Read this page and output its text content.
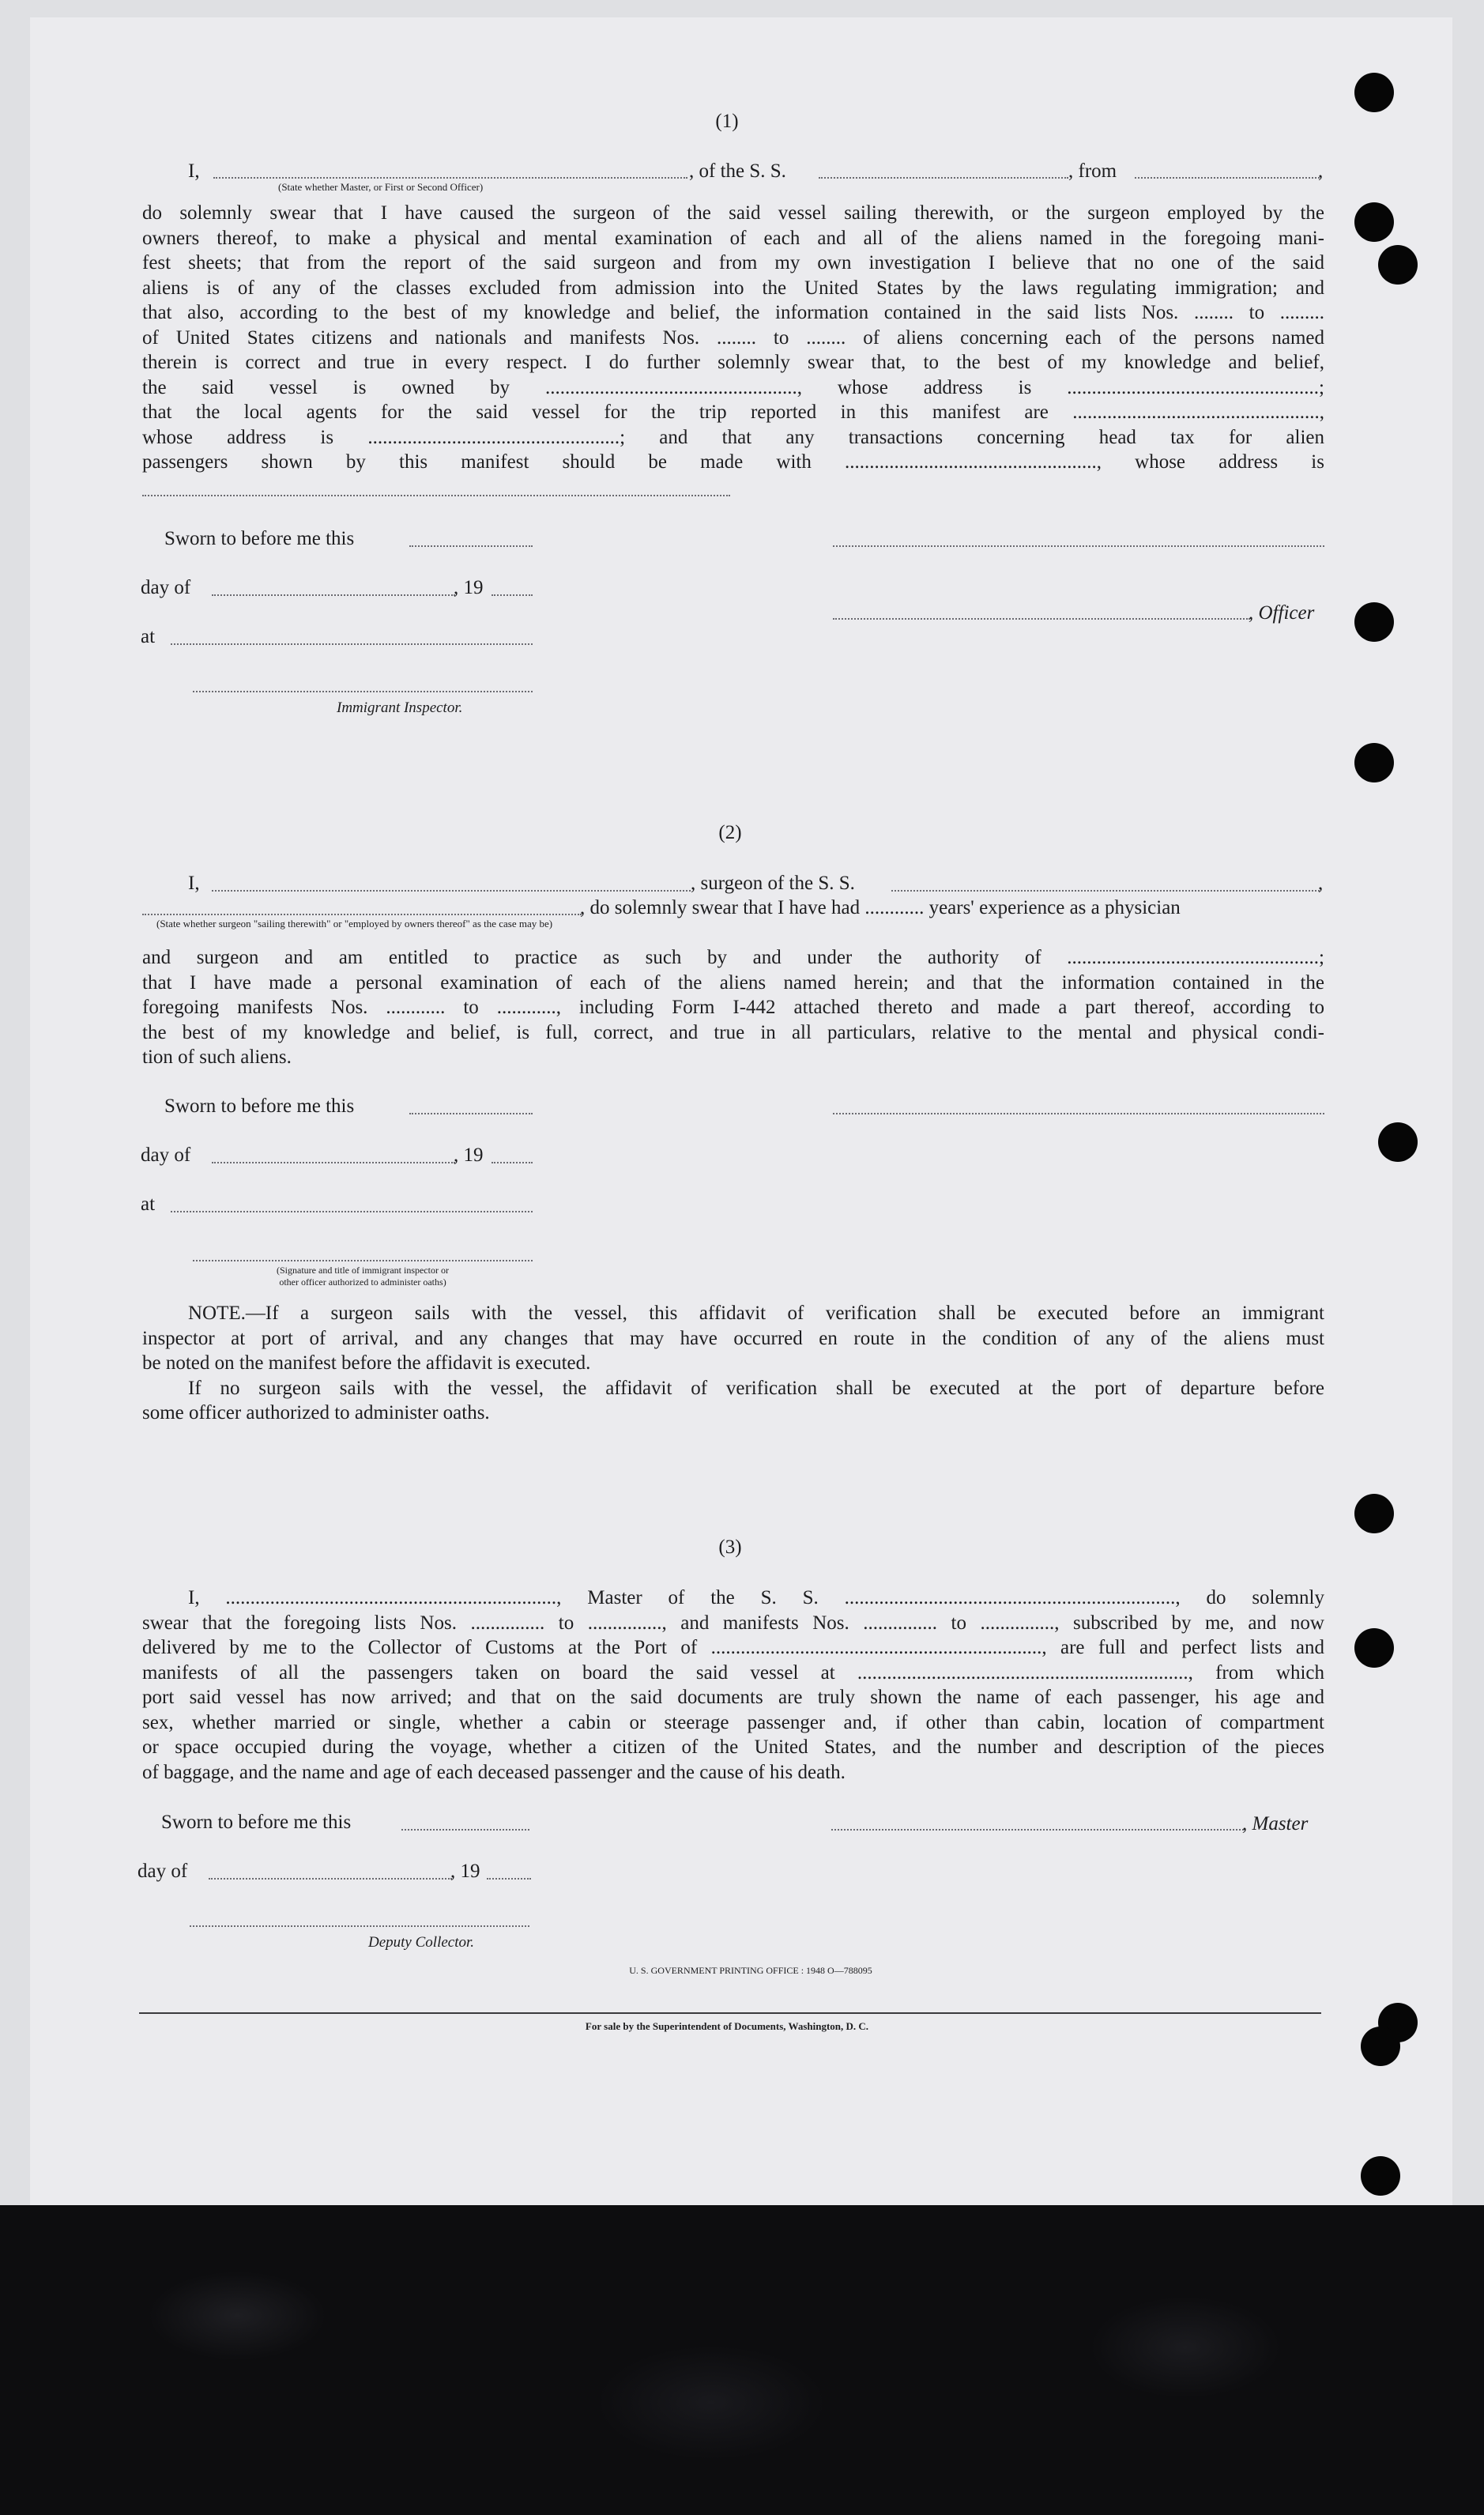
(1)
I,
(State whether Master, or First or Second Officer)
, of the S. S.	, from	,
do solemnly swear that I have caused the surgeon of the said vessel sailing therewith, or the surgeon employed by the
owners thereof, to make a physical and mental examination of each and all of the aliens named in the foregoing mani-
fest sheets; that from the report of the said surgeon and from my own investigation I believe that no one of the said
aliens is of any of the classes excluded from admission into the United States by the laws regulating immigration; and
that also, according to the best of my knowledge and belief, the information contained in the said lists Nos. ........ to .........
of United States citizens and nationals and manifests Nos. ........ to ........ of aliens concerning each of the persons named
therein is correct and true in every respect. I do further solemnly swear that, to the best of my knowledge and belief,
the said vessel is owned by ..................................................., whose address is ...................................................;
that the local agents for the said vessel for the trip reported in this manifest are ..................................................,
whose address is ...................................................; and that any transactions concerning head tax for alien
passengers shown by this manifest should be made with ..................................................., whose address is
Sworn to before me this
day of	, 19
, Officer
at
Immigrant Inspector.
(2)
I,	, surgeon of the S. S.	,
, do solemnly swear that I have had ............ years' experience as a physician
(State whether surgeon "sailing therewith" or "employed by owners thereof" as the case may be)
and surgeon and am entitled to practice as such by and under the authority of ...................................................;
that I have made a personal examination of each of the aliens named herein; and that the information contained in the
foregoing manifests Nos. ............ to ............, including Form I-442 attached thereto and made a part thereof, according to
the best of my knowledge and belief, is full, correct, and true in all particulars, relative to the mental and physical condi-
tion of such aliens.
Sworn to before me this
day of	, 19
at
(Signature and title of immigrant inspector or
other officer authorized to administer oaths)
NOTE.—If a surgeon sails with the vessel, this affidavit of verification shall be executed before an immigrant
inspector at port of arrival, and any changes that may have occurred en route in the condition of any of the aliens must
be noted on the manifest before the affidavit is executed.
If no surgeon sails with the vessel, the affidavit of verification shall be executed at the port of departure before
some officer authorized to administer oaths.
(3)
I, ..................................................................., Master of the S. S. ..................................................................., do solemnly
swear that the foregoing lists Nos. ............... to ..............., and manifests Nos. ............... to ..............., subscribed by me, and now
delivered by me to the Collector of Customs at the Port of ..................................................................., are full and perfect lists and
manifests of all the passengers taken on board the said vessel at ..................................................................., from which
port said vessel has now arrived; and that on the said documents are truly shown the name of each passenger, his age and
sex, whether married or single, whether a cabin or steerage passenger and, if other than cabin, location of compartment
or space occupied during the voyage, whether a citizen of the United States, and the number and description of the pieces
of baggage, and the name and age of each deceased passenger and the cause of his death.
Sworn to before me this	, Master
day of	, 19
Deputy Collector.
U. S. GOVERNMENT PRINTING OFFICE : 1948 O—788095
For sale by the Superintendent of Documents, Washington, D. C.
